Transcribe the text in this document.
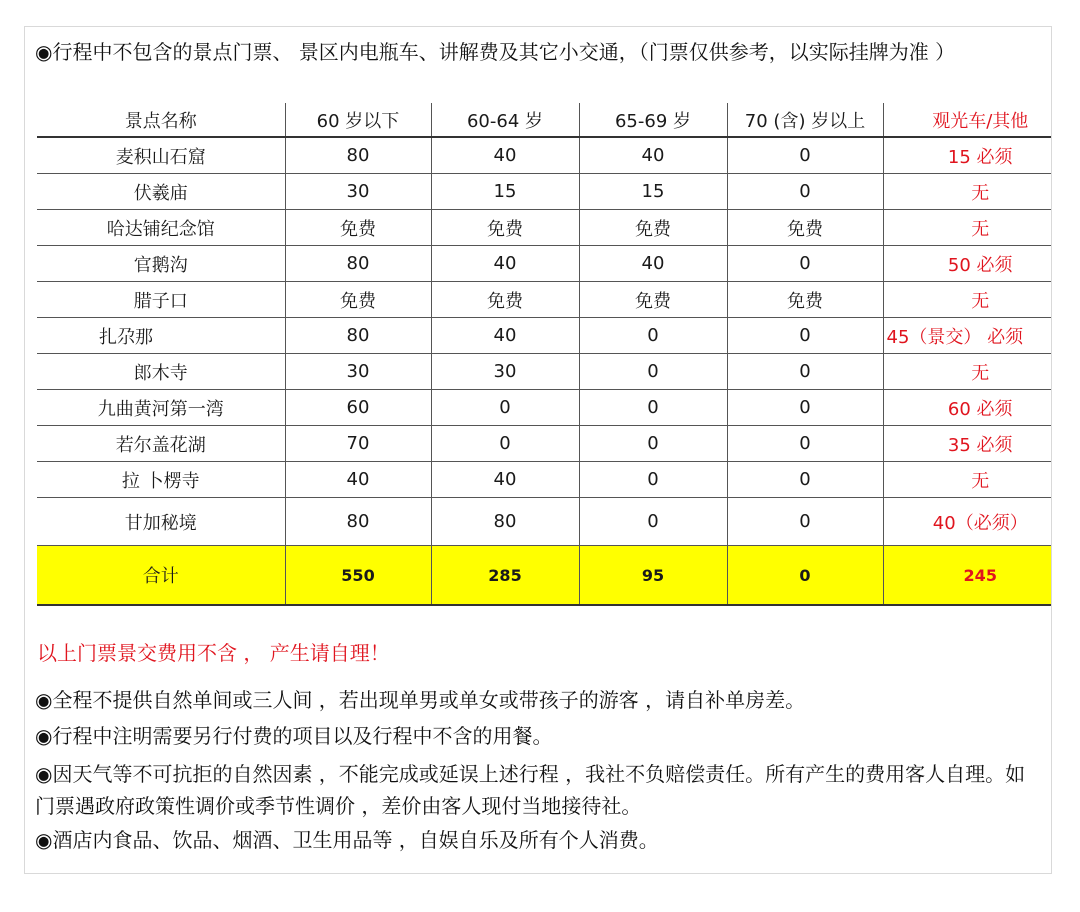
◉行程中不包含的景点门票、 景区内电瓶车、讲解费及其它小交通，（门票仅供参考，以实际挂牌为准 ）
景点名称	60 岁以下	60-64 岁	65-69 岁	70 (含) 岁以上	观光车/其他
麦积山石窟	80	40	40	0	15 必须
伏羲庙	30	15	15	0	无
哈达铺纪念馆	免费	免费	免费	免费	无
官鹅沟	80	40	40	0	50 必须
腊子口	免费	免费	免费	免费	无
扎尕那	80	40	0	0	45（景交） 必须
郎木寺	30	30	0	0	无
九曲黄河第一湾	60	0	0	0	60 必须
若尔盖花湖	70	0	0	0	35 必须
拉 卜楞寺	40	40	0	0	无
甘加秘境	80	80	0	0	40（必须）
合计	550	285	95	0	245
以上门票景交费用不含 ， 产生请自理！

◉全程不提供自然单间或三人间 ，若出现单男或单女或带孩子的游客 ，请自补单房差。

◉行程中注明需要另行付费的项目以及行程中不含的用餐。

◉因天气等不可抗拒的自然因素 ，不能完成或延误上述行程 ，我社不负赔偿责任。所有产生的费用客人自理。如门票遇政府政策性调价或季节性调价 ，差价由客人现付当地接待社。

◉酒店内食品、饮品、烟酒、卫生用品等 ，自娱自乐及所有个人消费。
